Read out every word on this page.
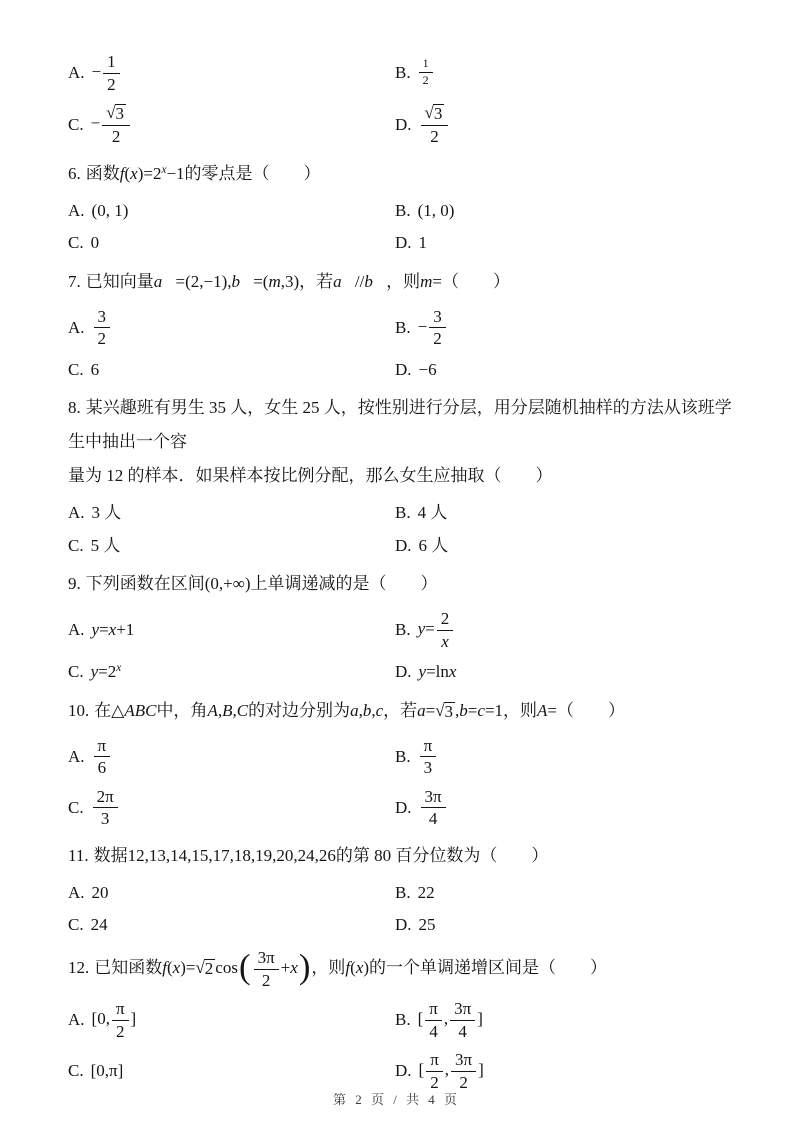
A. − $\frac{1}{2}$	B. $\frac{1}{2}$
C. − $\frac{√ 3}{2}$	D. $\frac{√ 3}{2}$
6. 函数$f(x)=2^x-1$的零点是（　　）
A. (0, 1)	B. (1, 0)
C. 0	D. 1
7. 已知向量a⃗=(2,−1),b⃗=(m,3)，若a⃗//b⃗，则m=（　　）
A. $\frac{3}{2}$	B. − $\frac{3}{2}$
C. 6	D. −6
8. 某兴趣班有男生 35 人，女生 25 人，按性别进行分层，用分层随机抽样的方法从该班学生中抽出一个容
量为 12 的样本．如果样本按比例分配，那么女生应抽取（　　）
A. 3 人	B. 4 人
C. 5 人	D. 6 人
9. 下列函数在区间(0,+∞)上单调递减的是（　　）
A. y=x+1	B. $y= \frac{2}{x}$
C. $y=2^x$	D. y=lnx
10. 在△ABC中，角A,B,C的对边分别为a,b,c，若a= √ 3 ,b=c=1，则A=（　　）
A. $\frac{\pi}{6}$	B. $\frac{\pi}{3}$
C. $\frac{2\pi}{3}$	D. $\frac{3\pi}{4}$
11. 数据12,13,14,15,17,18,19,20,24,26的第 80 百分位数为（　　）
A. 20	B. 22
C. 24	D. 25
12. 已知函数f(x)= √ 2 $\cos( \frac{3\pi}{2} +x)$，则f(x)的一个单调递增区间是（　　）
A. [0, $\frac{\pi}{2}$ ]	B. [ $\frac{\pi}{4}$ , $\frac{3\pi}{4}$ ]
C. [0,π]	D. [ $\frac{\pi}{2}$ , $\frac{3\pi}{2}$ ]
第 2 页 / 共 4 页
